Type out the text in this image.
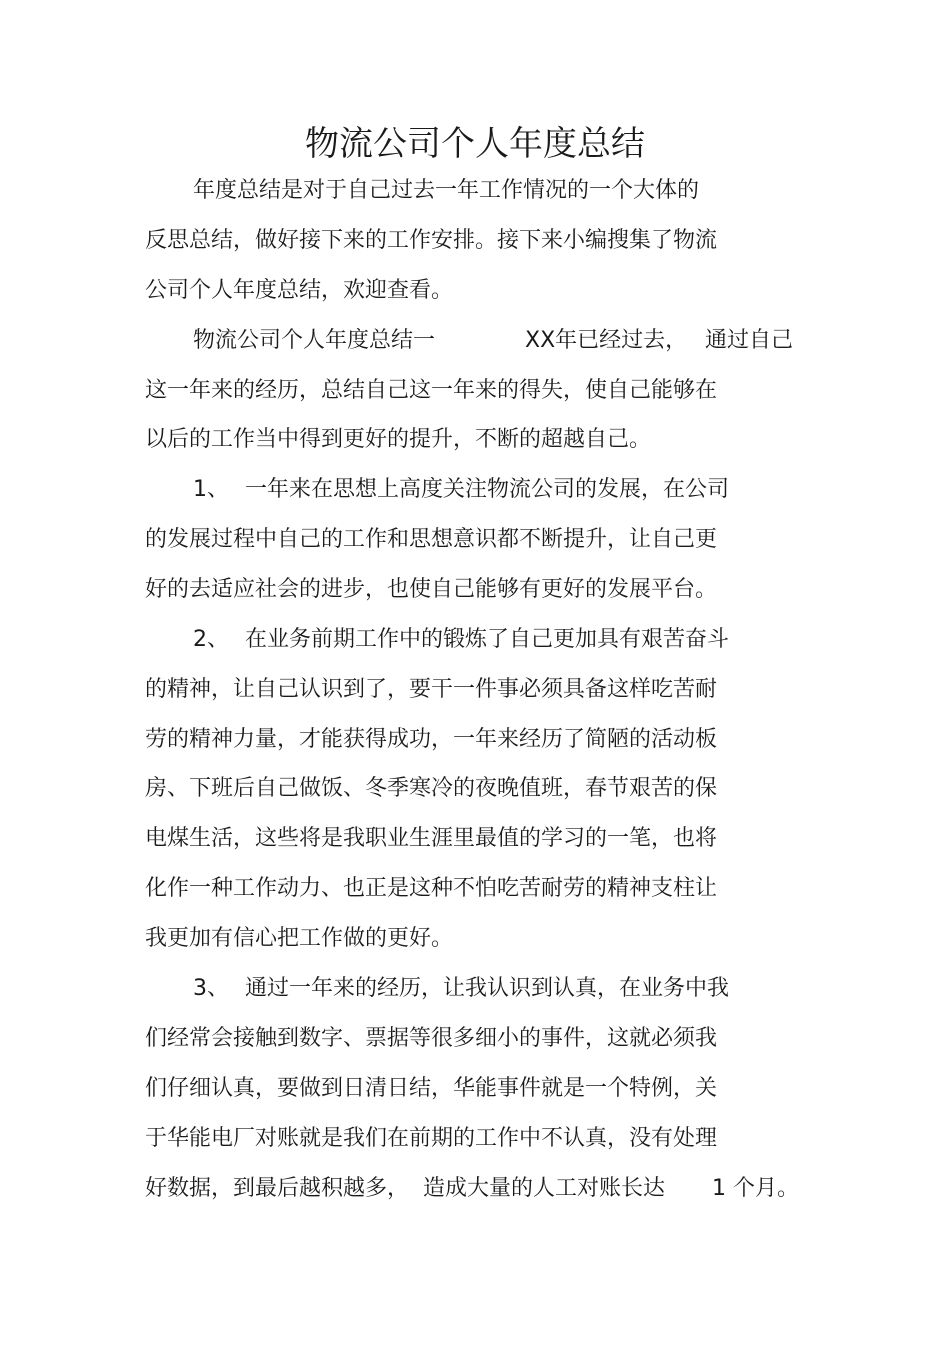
物流公司个人年度总结
年度总结是对于自己过去一年工作情况的一个大体的
反思总结，做好接下来的工作安排。接下来小编搜集了物流
公司个人年度总结，欢迎查看。
物流公司个人年度总结一	XX年已经过去， 通过自己
这一年来的经历，总结自己这一年来的得失，使自己能够在
以后的工作当中得到更好的提升，不断的超越自己。
1、 一年来在思想上高度关注物流公司的发展，在公司
的发展过程中自己的工作和思想意识都不断提升，让自己更
好的去适应社会的进步，也使自己能够有更好的发展平台。
2、 在业务前期工作中的锻炼了自己更加具有艰苦奋斗
的精神，让自己认识到了，要干一件事必须具备这样吃苦耐
劳的精神力量，才能获得成功，一年来经历了简陋的活动板
房、下班后自己做饭、冬季寒冷的夜晚值班，春节艰苦的保
电煤生活，这些将是我职业生涯里最值的学习的一笔，也将
化作一种工作动力、也正是这种不怕吃苦耐劳的精神支柱让
我更加有信心把工作做的更好。
3、 通过一年来的经历，让我认识到认真，在业务中我
们经常会接触到数字、票据等很多细小的事件，这就必须我
们仔细认真，要做到日清日结，华能事件就是一个特例，关
于华能电厂对账就是我们在前期的工作中不认真，没有处理
好数据，到最后越积越多， 造成大量的人工对账长达 1 个月。
